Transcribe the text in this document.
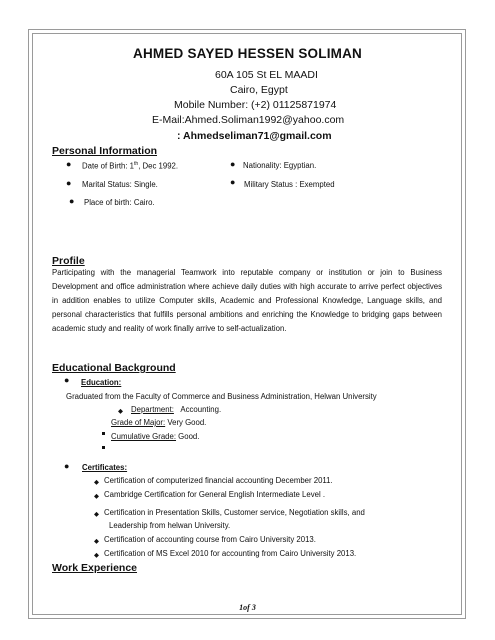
AHMED SAYED HESSEN SOLIMAN
60A 105 St EL MAADI
Cairo, Egypt
Mobile Number: (+2) 01125871974
E-Mail:Ahmed.Soliman1992@yahoo.com
: Ahmedseliman71@gmail.com
Personal Information
● Date of Birth: 1th, Dec 1992.	● Nationality: Egyptian.
● Marital Status: Single.	● Military Status : Exempted
● Place of birth: Cairo.
Profile
Participating with the managerial Teamwork into reputable company or institution or join to Business Development and office administration where achieve daily duties with high accurate to arrive perfect objectives in addition enables to utilize Computer skills, Academic and Professional Knowledge, Language skills, and personal characteristics that fulfills personal ambitions and enriching the Knowledge to bridging gaps between academic study and reality of work finally arrive to self-actualization.
Educational Background
● Education:
Graduated from the Faculty of Commerce and Business Administration, Helwan University
◆ Department: Accounting.
Grade of Major: Very Good.
Cumulative Grade: Good.
● Certificates:
◆ Certification of computerized financial accounting December 2011.
◆ Cambridge Certification for General English Intermediate Level .
◆ Certification in Presentation Skills, Customer service, Negotiation skills, and
Leadership from helwan University.
◆ Certification of accounting course from Cairo University 2013.
◆ Certification of MS Excel 2010 for accounting from Cairo University 2013.
Work Experience
1of 3
